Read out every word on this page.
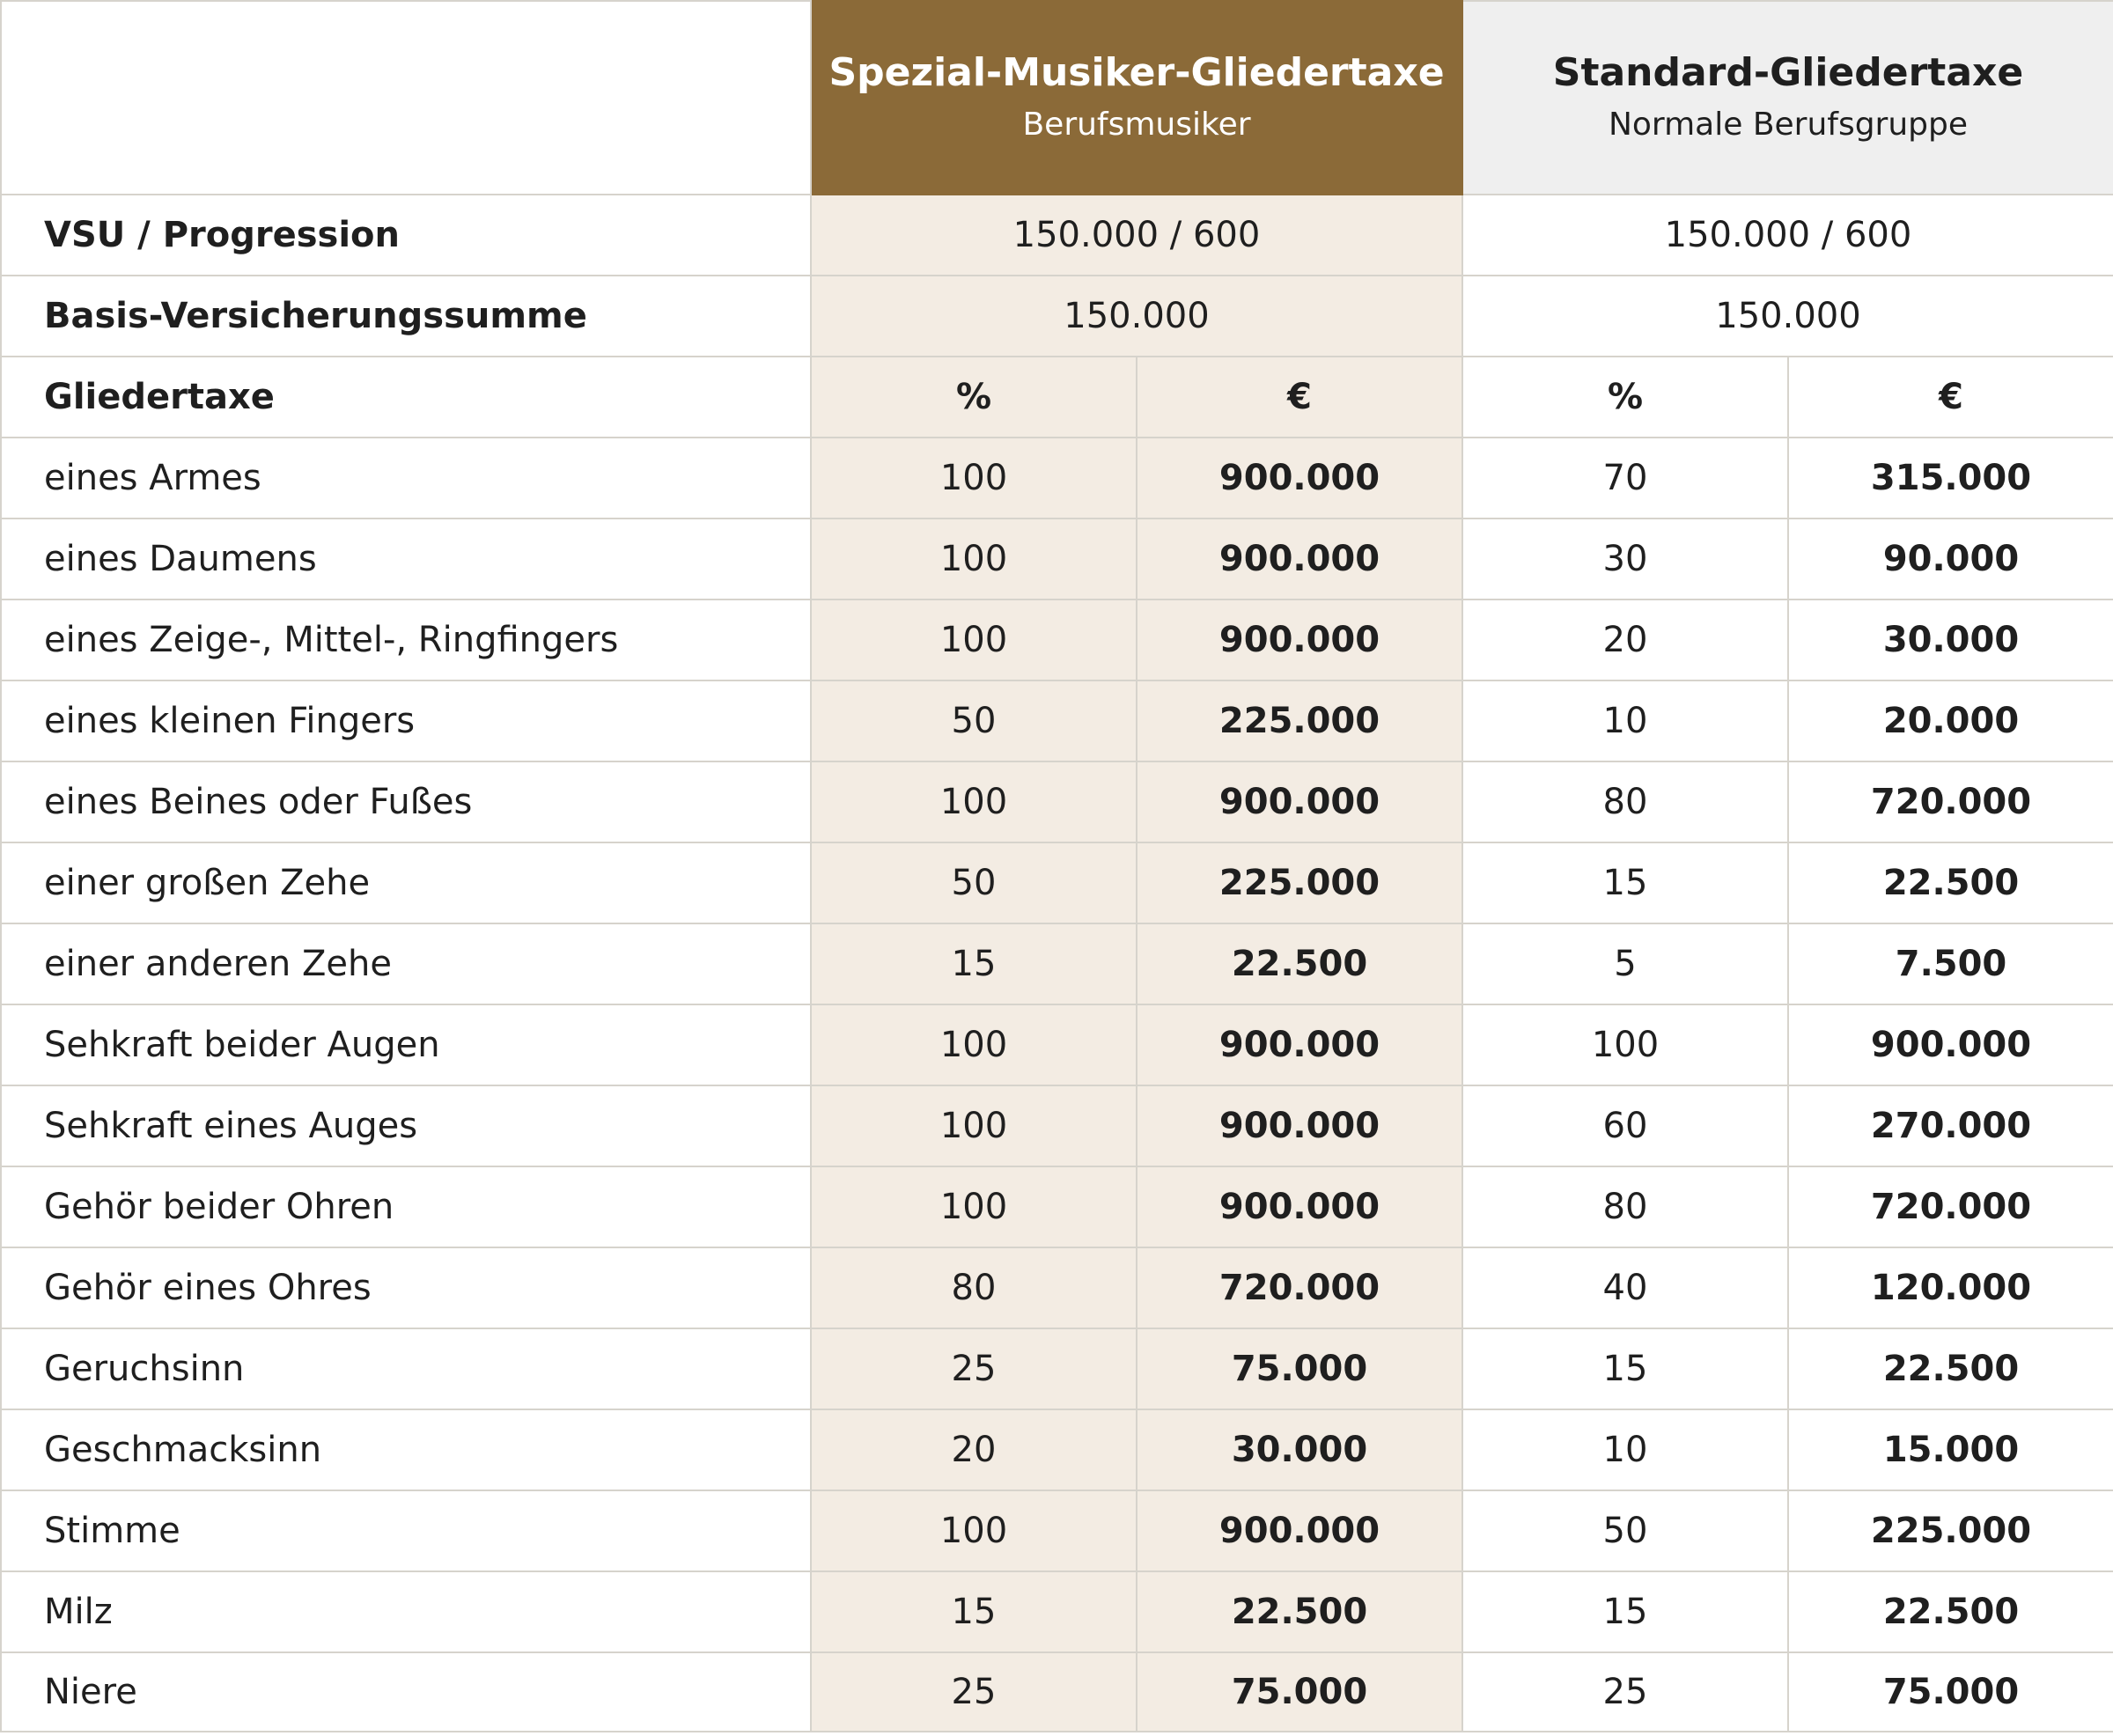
	Spezial-Musiker-Gliedertaxe
Berufsmusiker		Standard-Gliedertaxe
Normale Berufsgruppe	

VSU / Progression	150.000 / 600		150.000 / 600	
Basis-Versicherungssumme	150.000		150.000	
Gliedertaxe	%	€	%	€
eines Armes	100	900.000	70	315.000
eines Daumens	100	900.000	30	90.000
eines Zeige-, Mittel-, Ringfingers	100	900.000	20	30.000
eines kleinen Fingers	50	225.000	10	20.000
eines Beines oder Fußes	100	900.000	80	720.000
einer großen Zehe	50	225.000	15	22.500
einer anderen Zehe	15	22.500	5	7.500
Sehkraft beider Augen	100	900.000	100	900.000
Sehkraft eines Auges	100	900.000	60	270.000
Gehör beider Ohren	100	900.000	80	720.000
Gehör eines Ohres	80	720.000	40	120.000
Geruchsinn	25	75.000	15	22.500
Geschmacksinn	20	30.000	10	15.000
Stimme	100	900.000	50	225.000
Milz	15	22.500	15	22.500
Niere	25	75.000	25	75.000
